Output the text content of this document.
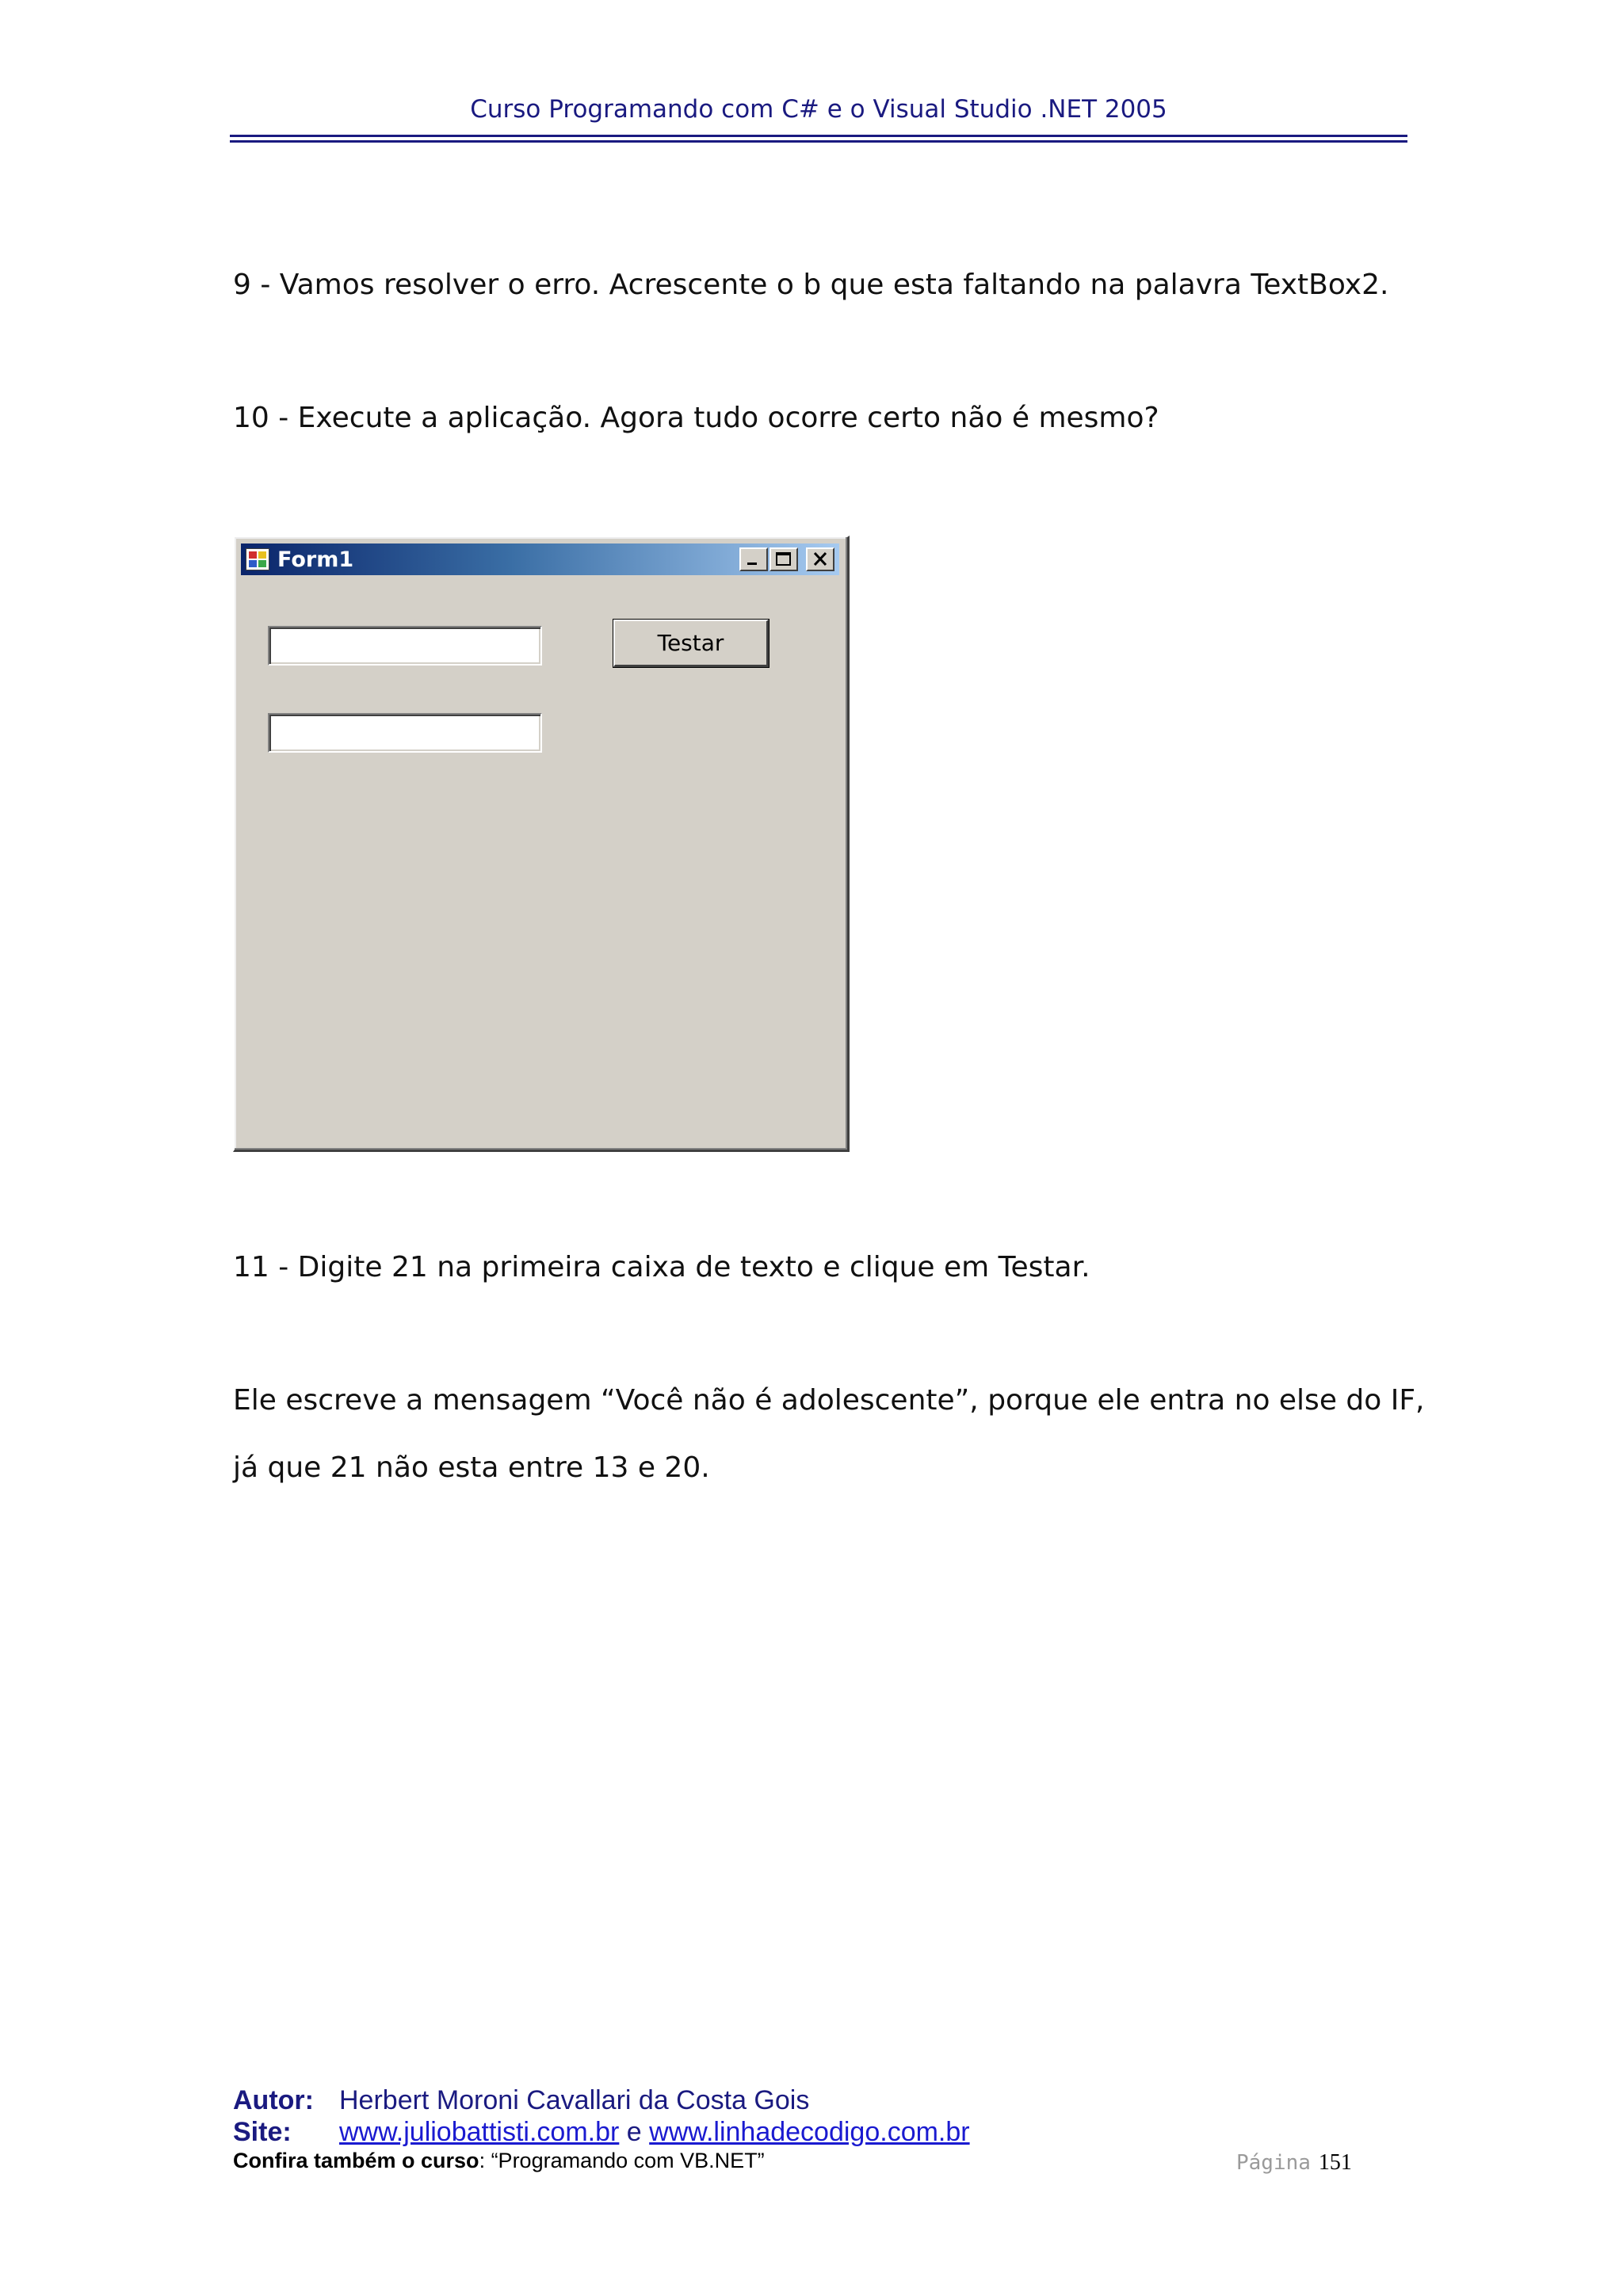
Curso Programando com C# e o Visual Studio .NET 2005
9 - Vamos resolver o erro. Acrescente o b que esta faltando na palavra TextBox2.
10 - Execute a aplicação. Agora tudo ocorre certo não é mesmo?
Form1
Testar
11 - Digite 21 na primeira caixa de texto e clique em Testar.
Ele escreve a mensagem “Você não é adolescente”, porque ele entra no else do IF,
já que 21 não esta entre 13 e 20.
Autor: Herbert Moroni Cavallari da Costa Gois
Site: www.juliobattisti.com.br e www.linhadecodigo.com.br
Confira também o curso: “Programando com VB.NET”	Página 151
